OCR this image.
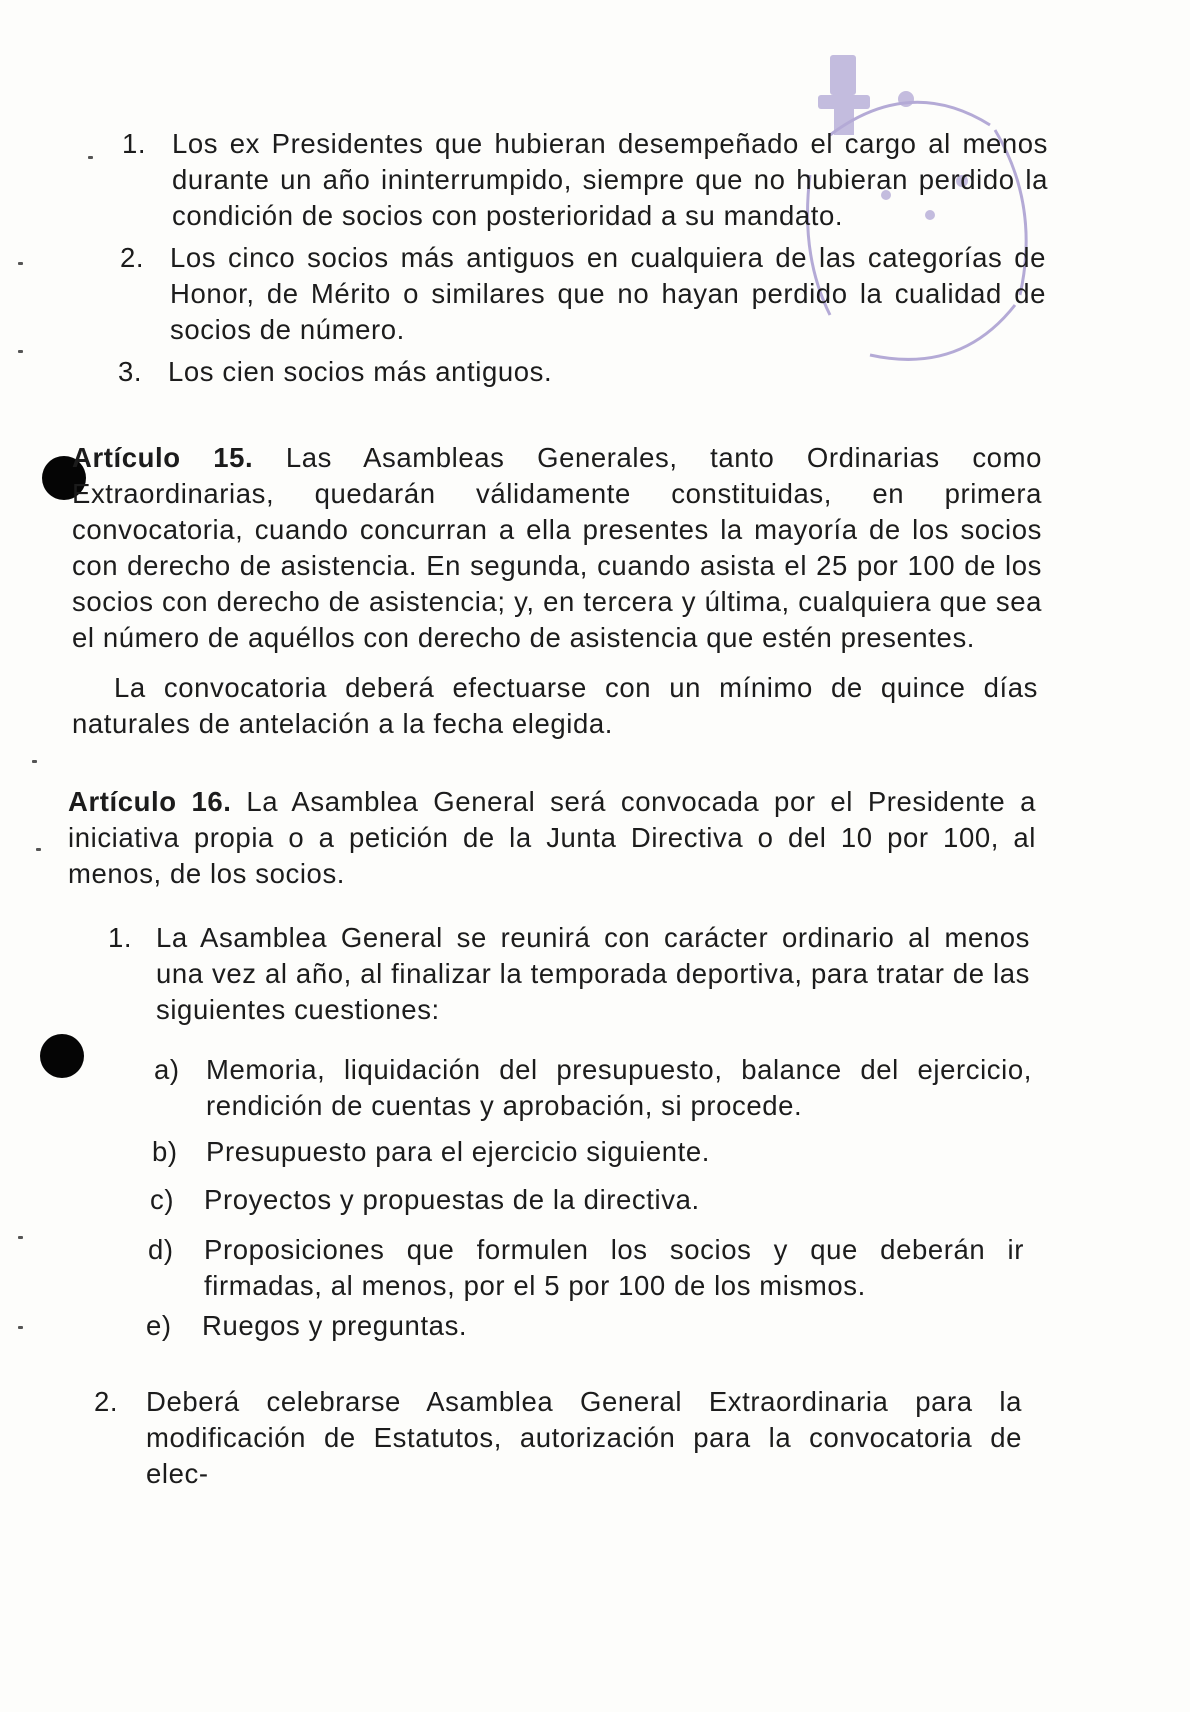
1. Los ex Presidentes que hubieran desempeñado el cargo al menos durante un año ininterrumpido, siempre que no hubieran perdido la condición de socios con posterioridad a su mandato.
2. Los cinco socios más antiguos en cualquiera de las categorías de Honor, de Mérito o similares que no hayan perdido la cualidad de socios de número.
3. Los cien socios más antiguos.
Artículo 15. Las Asambleas Generales, tanto Ordinarias como Extraordinarias, quedarán válidamente constituidas, en primera convocatoria, cuando concurran a ella presentes la mayoría de los socios con derecho de asistencia. En segunda, cuando asista el 25 por 100 de los socios con derecho de asistencia; y, en tercera y última, cualquiera que sea el número de aquéllos con derecho de asistencia que estén presentes.
La convocatoria deberá efectuarse con un mínimo de quince días naturales de antelación a la fecha elegida.
Artículo 16. La Asamblea General será convocada por el Presidente a iniciativa propia o a petición de la Junta Directiva o del 10 por 100, al menos, de los socios.
1. La Asamblea General se reunirá con carácter ordinario al menos una vez al año, al finalizar la temporada deportiva, para tratar de las siguientes cuestiones:
a) Memoria, liquidación del presupuesto, balance del ejercicio, rendición de cuentas y aprobación, si procede.
b) Presupuesto para el ejercicio siguiente.
c) Proyectos y propuestas de la directiva.
d) Proposiciones que formulen los socios y que deberán ir firmadas, al menos, por el 5 por 100 de los mismos.
e) Ruegos y preguntas.
2. Deberá celebrarse Asamblea General Extraordinaria para la modificación de Estatutos, autorización para la convocatoria de elec-
